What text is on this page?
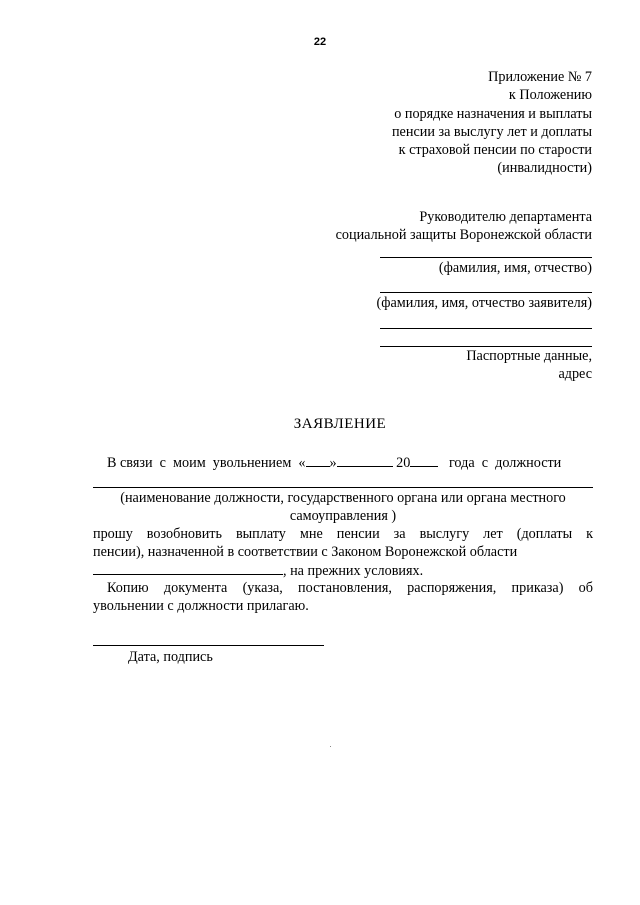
22
Приложение № 7
к Положению
о порядке назначения и выплаты
пенсии за выслугу лет и доплаты
к страховой пенсии по старости
(инвалидности)
Руководителю департамента
социальной защиты Воронежской области
(фамилия, имя, отчество)
(фамилия, имя, отчество заявителя)
Паспортные данные,
адрес
ЗАЯВЛЕНИЕ
В связи с моим увольнением « »	20	года с должности
(наименование должности, государственного органа или органа местного
самоуправления )
прошу возобновить выплату мне пенсии за выслугу лет (доплаты к
пенсии), назначенной в соответствии с Законом Воронежской области
, на прежних условиях.
Копию документа (указа, постановления, распоряжения, приказа) об
увольнении с должности прилагаю.
Дата, подпись
